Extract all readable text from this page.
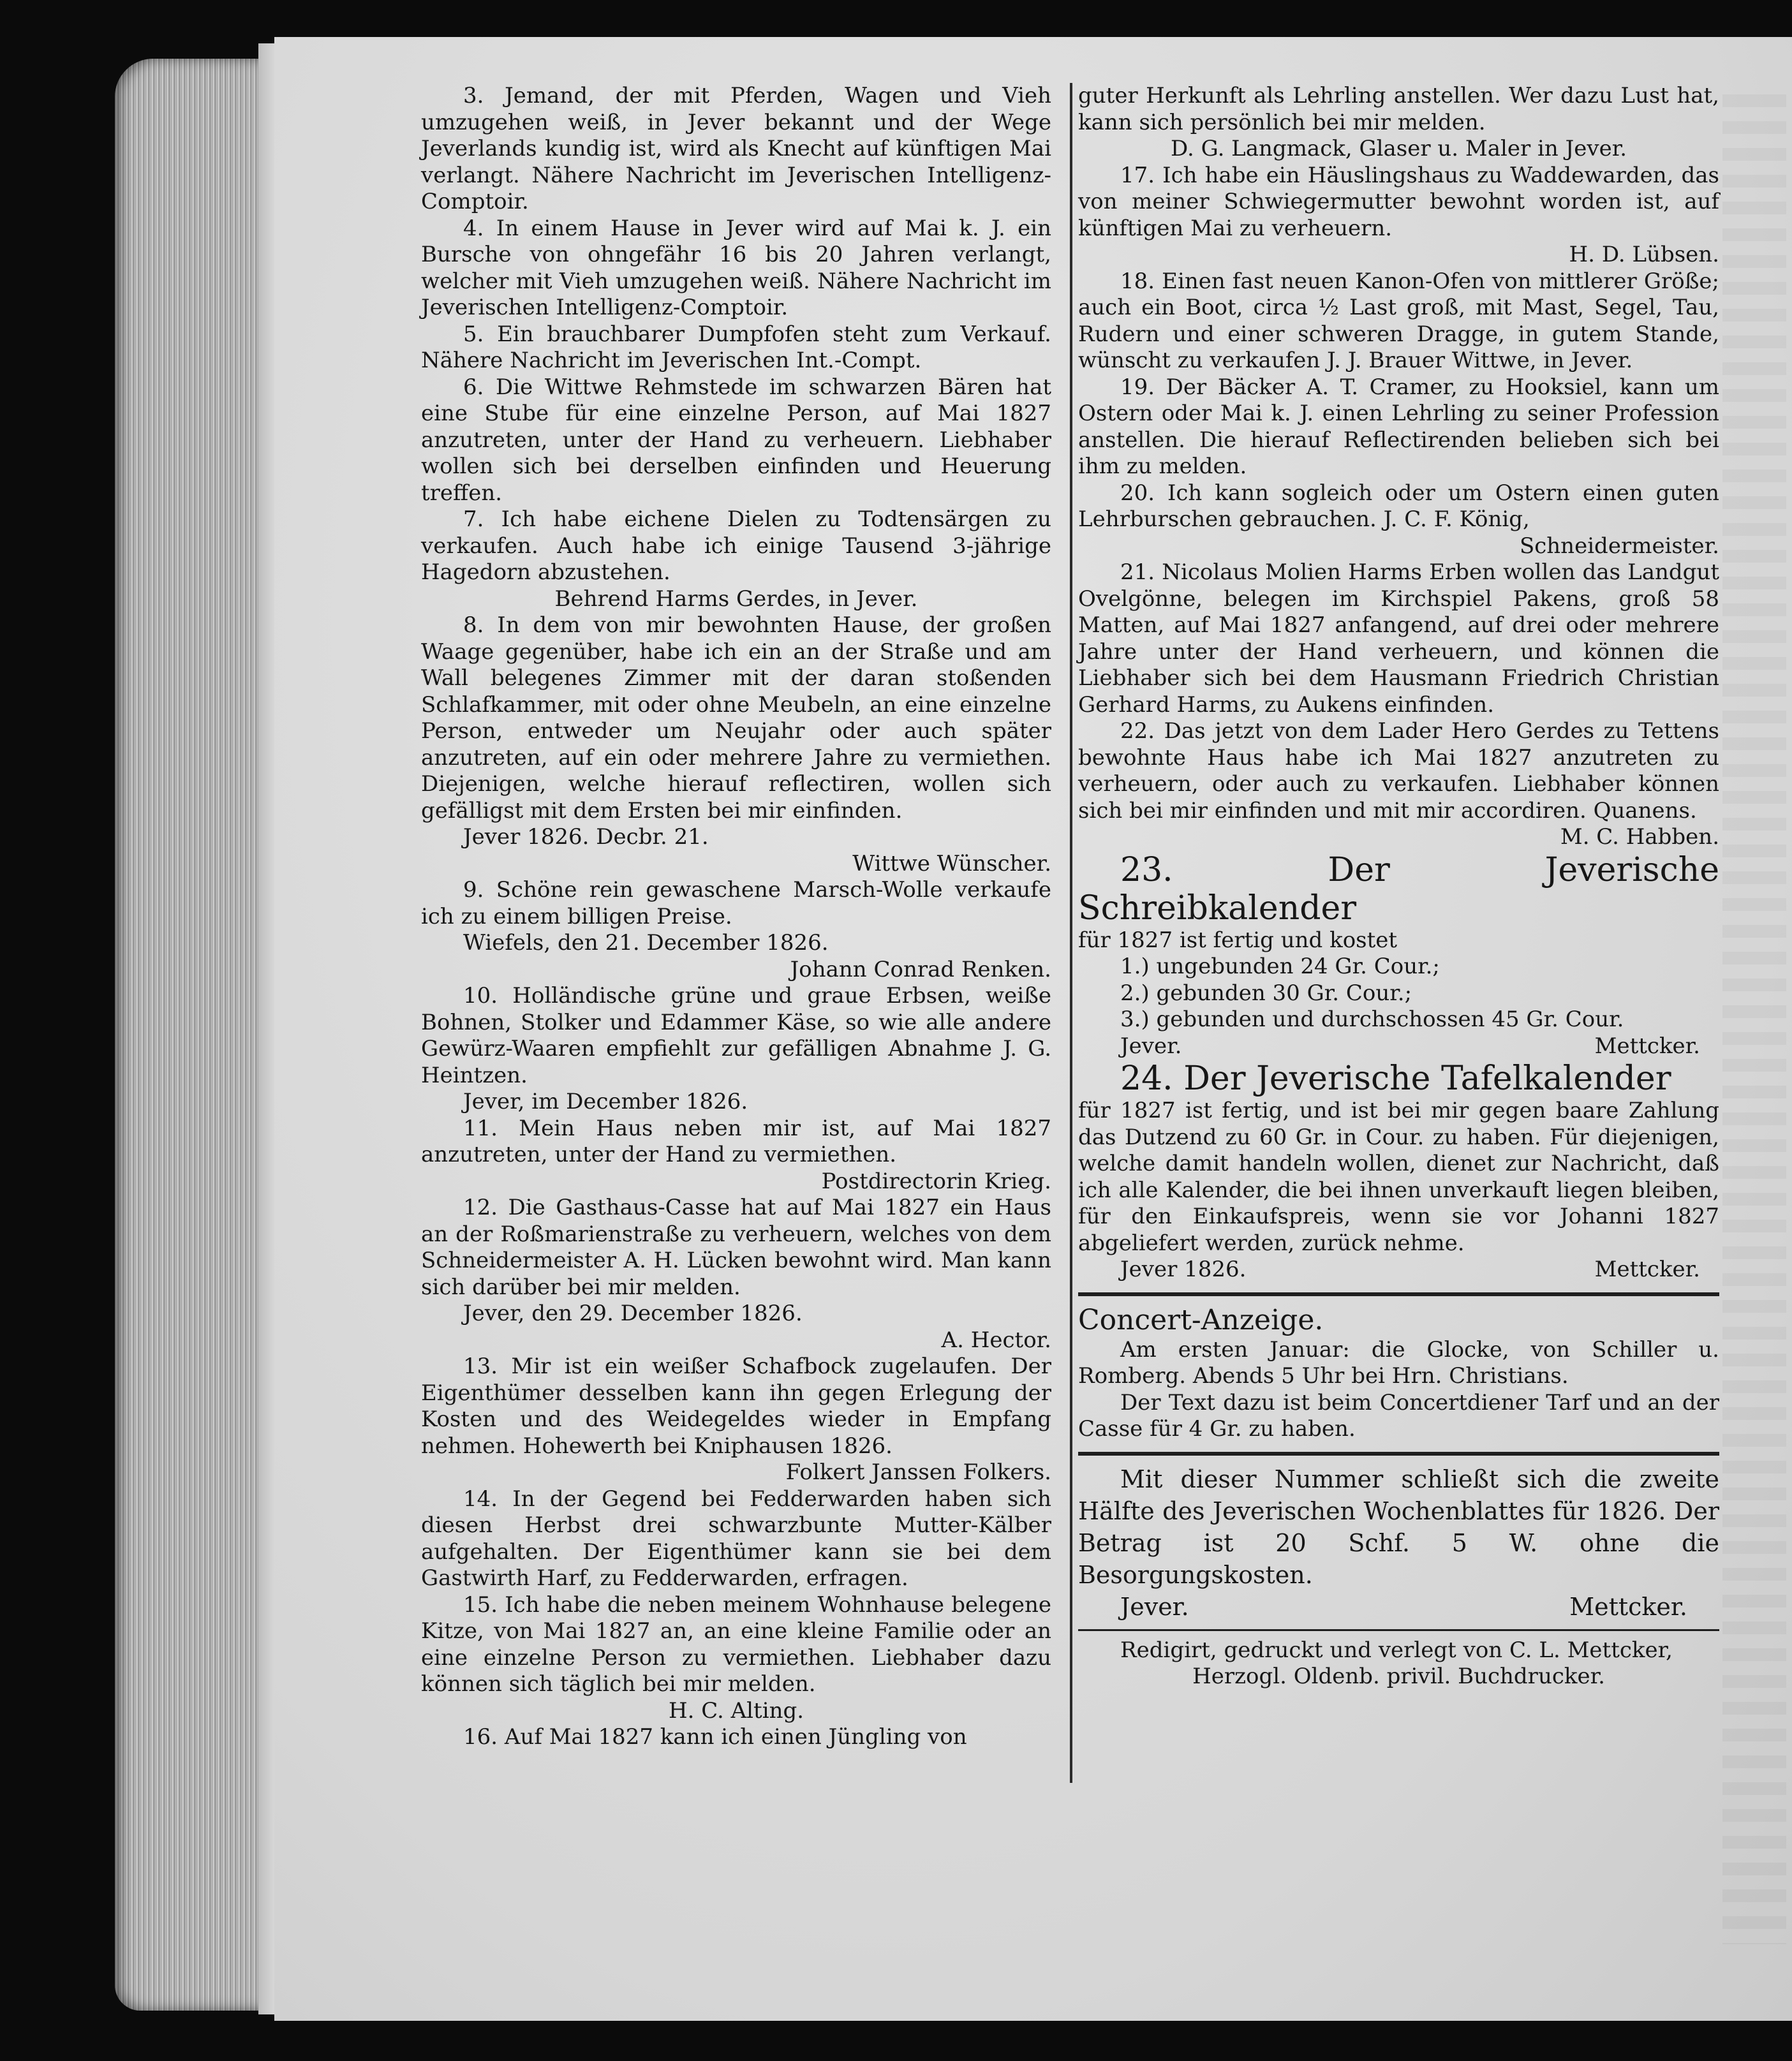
3. Jemand, der mit Pferden, Wagen und Vieh umzugehen weiß, in Jever bekannt und der Wege Jeverlands kundig ist, wird als Knecht auf künftigen Mai verlangt. Nähere Nachricht im Jeverischen Intelligenz-Comptoir.

4. In einem Hause in Jever wird auf Mai k. J. ein Bursche von ohngefähr 16 bis 20 Jahren verlangt, welcher mit Vieh umzugehen weiß. Nähere Nachricht im Jeverischen Intelligenz-Comptoir.

5. Ein brauchbarer Dumpfofen steht zum Verkauf. Nähere Nachricht im Jeverischen Int.-Compt.

6. Die Wittwe Rehmstede im schwarzen Bären hat eine Stube für eine einzelne Person, auf Mai 1827 anzutreten, unter der Hand zu verheuern. Liebhaber wollen sich bei derselben einfinden und Heuerung treffen.

7. Ich habe eichene Dielen zu Todtensärgen zu verkaufen. Auch habe ich einige Tausend 3-jährige Hagedorn abzustehen.

Behrend Harms Gerdes, in Jever.

8. In dem von mir bewohnten Hause, der großen Waage gegenüber, habe ich ein an der Straße und am Wall belegenes Zimmer mit der daran stoßenden Schlafkammer, mit oder ohne Meubeln, an eine einzelne Person, entweder um Neujahr oder auch später anzutreten, auf ein oder mehrere Jahre zu vermiethen. Diejenigen, welche hierauf reflectiren, wollen sich gefälligst mit dem Ersten bei mir einfinden.

Jever 1826. Decbr. 21.

Wittwe Wünscher.

9. Schöne rein gewaschene Marsch-Wolle verkaufe ich zu einem billigen Preise.

Wiefels, den 21. December 1826.

Johann Conrad Renken.

10. Holländische grüne und graue Erbsen, weiße Bohnen, Stolker und Edammer Käse, so wie alle andere Gewürz-Waaren empfiehlt zur gefälligen Abnahme J. G. Heintzen.

Jever, im December 1826.

11. Mein Haus neben mir ist, auf Mai 1827 anzutreten, unter der Hand zu vermiethen.

Postdirectorin Krieg.

12. Die Gasthaus-Casse hat auf Mai 1827 ein Haus an der Roßmarienstraße zu verheuern, welches von dem Schneidermeister A. H. Lücken bewohnt wird. Man kann sich darüber bei mir melden.

Jever, den 29. December 1826.

A. Hector.

13. Mir ist ein weißer Schafbock zugelaufen. Der Eigenthümer desselben kann ihn gegen Erlegung der Kosten und des Weidegeldes wieder in Empfang nehmen. Hohewerth bei Kniphausen 1826.

Folkert Janssen Folkers.

14. In der Gegend bei Fedderwarden haben sich diesen Herbst drei schwarzbunte Mutter-Kälber aufgehalten. Der Eigenthümer kann sie bei dem Gastwirth Harf, zu Fedderwarden, erfragen.

15. Ich habe die neben meinem Wohnhause belegene Kitze, von Mai 1827 an, an eine kleine Familie oder an eine einzelne Person zu vermiethen. Liebhaber dazu können sich täglich bei mir melden.

H. C. Alting.

16. Auf Mai 1827 kann ich einen Jüngling von

guter Herkunft als Lehrling anstellen. Wer dazu Lust hat, kann sich persönlich bei mir melden.

D. G. Langmack, Glaser u. Maler in Jever.

17. Ich habe ein Häuslingshaus zu Waddewarden, das von meiner Schwiegermutter bewohnt worden ist, auf künftigen Mai zu verheuern.

H. D. Lübsen.

18. Einen fast neuen Kanon-Ofen von mittlerer Größe; auch ein Boot, circa ½ Last groß, mit Mast, Segel, Tau, Rudern und einer schweren Dragge, in gutem Stande, wünscht zu verkaufen J. J. Brauer Wittwe, in Jever.

19. Der Bäcker A. T. Cramer, zu Hooksiel, kann um Ostern oder Mai k. J. einen Lehrling zu seiner Profession anstellen. Die hierauf Reflectirenden belieben sich bei ihm zu melden.

20. Ich kann sogleich oder um Ostern einen guten Lehrburschen gebrauchen. J. C. F. König,

Schneidermeister.

21. Nicolaus Molien Harms Erben wollen das Landgut Ovelgönne, belegen im Kirchspiel Pakens, groß 58 Matten, auf Mai 1827 anfangend, auf drei oder mehrere Jahre unter der Hand verheuern, und können die Liebhaber sich bei dem Hausmann Friedrich Christian Gerhard Harms, zu Aukens einfinden.

22. Das jetzt von dem Lader Hero Gerdes zu Tettens bewohnte Haus habe ich Mai 1827 anzutreten zu verheuern, oder auch zu verkaufen. Liebhaber können sich bei mir einfinden und mit mir accordiren. Quanens.

M. C. Habben.

23. Der Jeverische Schreibkalender

für 1827 ist fertig und kostet

1.) ungebunden 24 Gr. Cour.;

2.) gebunden 30 Gr. Cour.;

3.) gebunden und durchschossen 45 Gr. Cour.

Jever.	Mettcker.

24. Der Jeverische Tafelkalender

für 1827 ist fertig, und ist bei mir gegen baare Zahlung das Dutzend zu 60 Gr. in Cour. zu haben. Für diejenigen, welche damit handeln wollen, dienet zur Nachricht, daß ich alle Kalender, die bei ihnen unverkauft liegen bleiben, für den Einkaufspreis, wenn sie vor Johanni 1827 abgeliefert werden, zurück nehme.

Jever 1826.	Mettcker.

Concert-Anzeige.

Am ersten Januar: die Glocke, von Schiller u. Romberg. Abends 5 Uhr bei Hrn. Christians.

Der Text dazu ist beim Concertdiener Tarf und an der Casse für 4 Gr. zu haben.

Mit dieser Nummer schließt sich die zweite Hälfte des Jeverischen Wochenblattes für 1826. Der Betrag ist 20 Schf. 5 W. ohne die Besorgungskosten.

Jever.	Mettcker.

Redigirt, gedruckt und verlegt von C. L. Mettcker,

Herzogl. Oldenb. privil. Buchdrucker.
